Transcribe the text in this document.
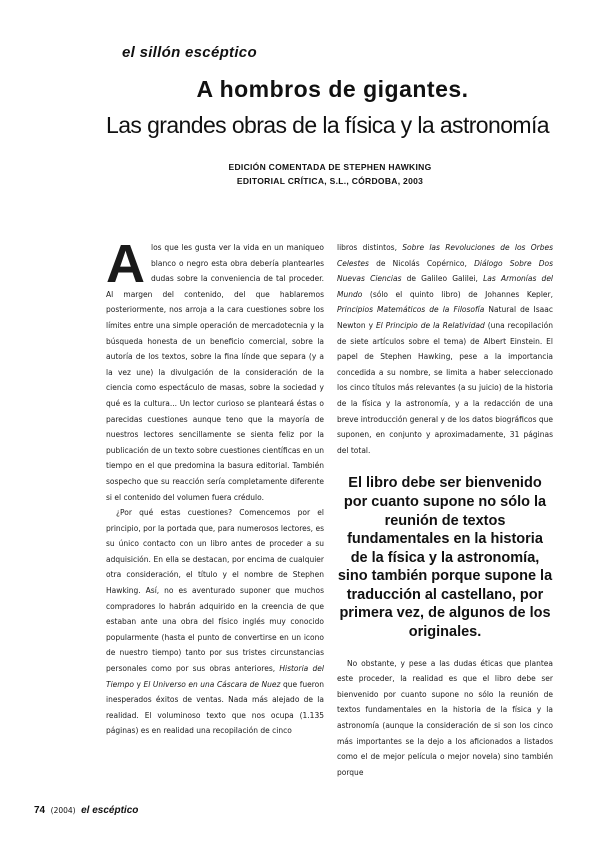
el sillón escéptico
A hombros de gigantes.
Las grandes obras de la física y la astronomía
EDICIÓN COMENTADA DE STEPHEN HAWKING
EDITORIAL CRÍTICA, S.L., CÓRDOBA, 2003

Alos que les gusta ver la vida en un maniqueo blanco o negro esta obra debería plantearles dudas sobre la conveniencia de tal proceder. Al margen del contenido, del que hablaremos posteriormente, nos arroja a la cara cuestiones sobre los límites entre una simple operación de mercadotecnia y la búsqueda honesta de un beneficio comercial, sobre la autoría de los textos, sobre la fina línde que separa (y a la vez une) la divulgación de la consideración de la ciencia como espectáculo de masas, sobre la sociedad y qué es la cultura... Un lector curioso se planteará éstas o parecidas cuestiones aunque teno que la mayoría de nuestros lectores sencillamente se sienta feliz por la publicación de un texto sobre cuestiones científicas en un tiempo en el que predomina la basura editorial. También sospecho que su reacción sería completamente diferente si el contenido del volumen fuera crédulo.

¿Por qué estas cuestiones? Comencemos por el principio, por la portada que, para numerosos lectores, es su único contacto con un libro antes de proceder a su adquisición. En ella se destacan, por encima de cualquier otra consideración, el título y el nombre de Stephen Hawking. Así, no es aventurado suponer que muchos compradores lo habrán adquirido en la creencia de que estaban ante una obra del físico inglés muy conocido popularmente (hasta el punto de convertirse en un icono de nuestro tiempo) tanto por sus tristes circunstancias personales como por sus obras anteriores, Historia del Tiempo y El Universo en una Cáscara de Nuez que fueron inesperados éxitos de ventas. Nada más alejado de la realidad. El voluminoso texto que nos ocupa (1.135 páginas) es en realidad una recopilación de cinco

libros distintos, Sobre las Revoluciones de los Orbes Celestes de Nicolás Copérnico, Diálogo Sobre Dos Nuevas Ciencias de Galileo Galilei, Las Armonías del Mundo (sólo el quinto libro) de Johannes Kepler, Principios Matemáticos de la Filosofía Natural de Isaac Newton y El Principio de la Relatividad (una recopilación de siete artículos sobre el tema) de Albert Einstein. El papel de Stephen Hawking, pese a la importancia concedida a su nombre, se limita a haber seleccionado los cinco títulos más relevantes (a su juicio) de la historia de la física y la astronomía, y a la redacción de una breve introducción general y de los datos biográficos que suponen, en conjunto y aproximadamente, 31 páginas del total.

El libro debe ser bienvenido por cuanto supone no sólo la reunión de textos fundamentales en la historia de la física y la astronomía, sino también porque supone la traducción al castellano, por primera vez, de algunos de los originales.

No obstante, y pese a las dudas éticas que plantea este proceder, la realidad es que el libro debe ser bienvenido por cuanto supone no sólo la reunión de textos fundamentales en la historia de la física y la astronomía (aunque la consideración de si son los cinco más importantes se la dejo a los aficionados a listados como el de mejor película o mejor novela) sino también porque

74 (2004) el escéptico
